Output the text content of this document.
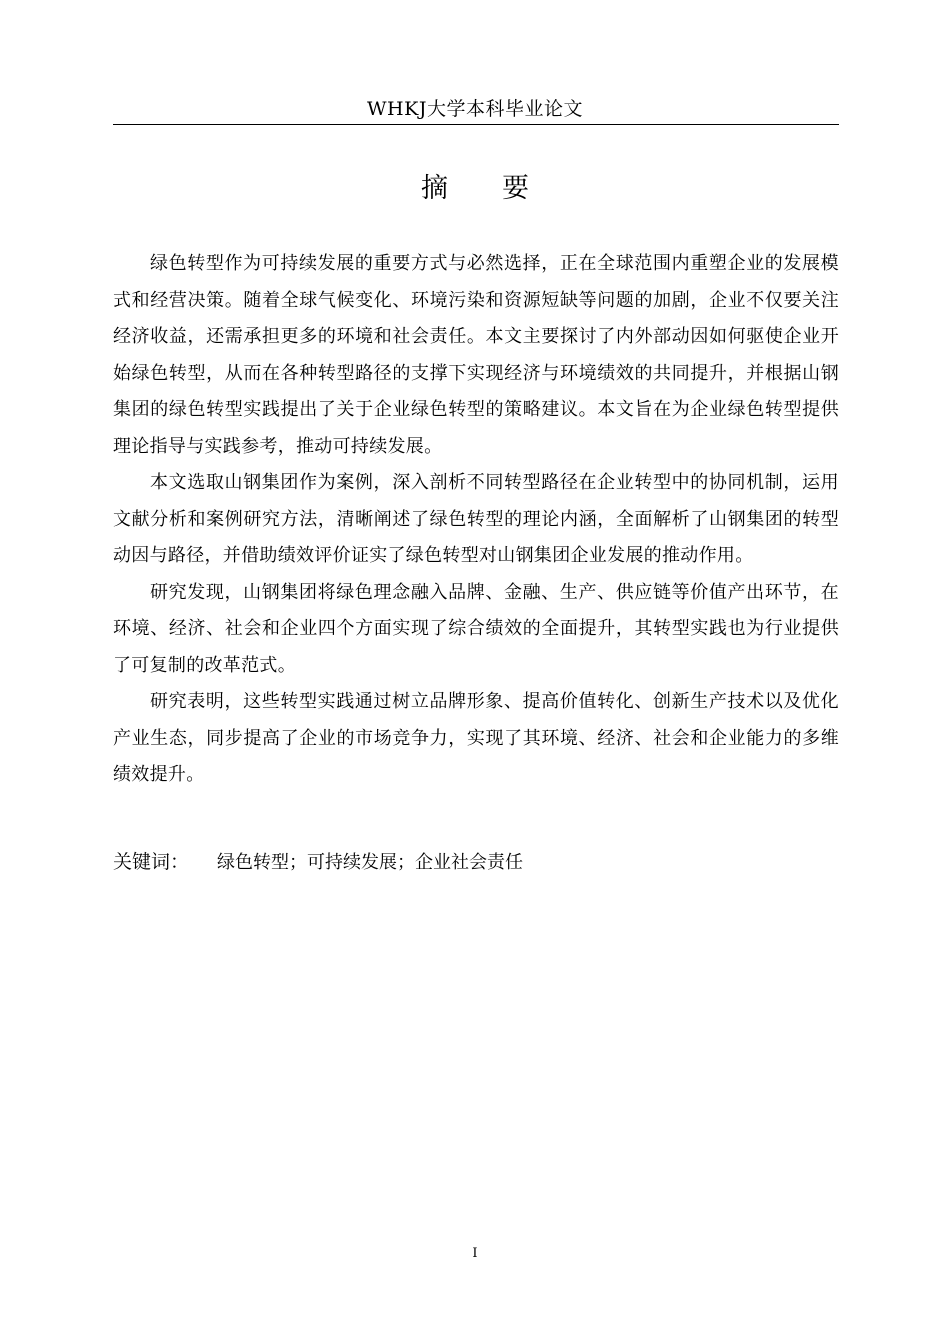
WHKJ大学本科毕业论文
摘要

绿色转型作为可持续发展的重要方式与必然选择，正在全球范围内重塑企业的发展模式和经营决策。随着全球气候变化、环境污染和资源短缺等问题的加剧，企业不仅要关注经济收益，还需承担更多的环境和社会责任。本文主要探讨了内外部动因如何驱使企业开始绿色转型，从而在各种转型路径的支撑下实现经济与环境绩效的共同提升，并根据山钢集团的绿色转型实践提出了关于企业绿色转型的策略建议。本文旨在为企业绿色转型提供理论指导与实践参考，推动可持续发展。

本文选取山钢集团作为案例，深入剖析不同转型路径在企业转型中的协同机制，运用文献分析和案例研究方法，清晰阐述了绿色转型的理论内涵，全面解析了山钢集团的转型动因与路径，并借助绩效评价证实了绿色转型对山钢集团企业发展的推动作用。

研究发现，山钢集团将绿色理念融入品牌、金融、生产、供应链等价值产出环节，在环境、经济、社会和企业四个方面实现了综合绩效的全面提升，其转型实践也为行业提供了可复制的改革范式。

研究表明，这些转型实践通过树立品牌形象、提高价值转化、创新生产技术以及优化产业生态，同步提高了企业的市场竞争力，实现了其环境、经济、社会和企业能力的多维绩效提升。

关键词： 绿色转型；可持续发展；企业社会责任
I
